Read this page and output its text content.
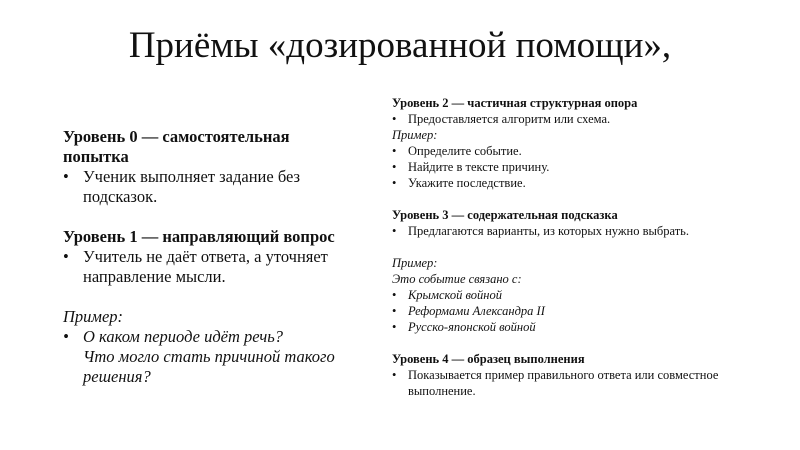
Приёмы «дозированной помощи»,
Уровень 0 — самостоятельная попытка
• Ученик выполняет задание без подсказок.
Уровень 1 — направляющий вопрос
• Учитель не даёт ответа, а уточняет направление мысли.
Пример:
• О каком периоде идёт речь?
Что могло стать причиной такого решения?
Уровень 2 — частичная структурная опора
• Предоставляется алгоритм или схема.
Пример:
• Определите событие.
• Найдите в тексте причину.
• Укажите последствие.
Уровень 3 — содержательная подсказка
• Предлагаются варианты, из которых нужно выбрать.
Пример:
Это событие связано с:
• Крымской войной
• Реформами Александра II
• Русско-японской войной
Уровень 4 — образец выполнения
• Показывается пример правильного ответа или совместное выполнение.
